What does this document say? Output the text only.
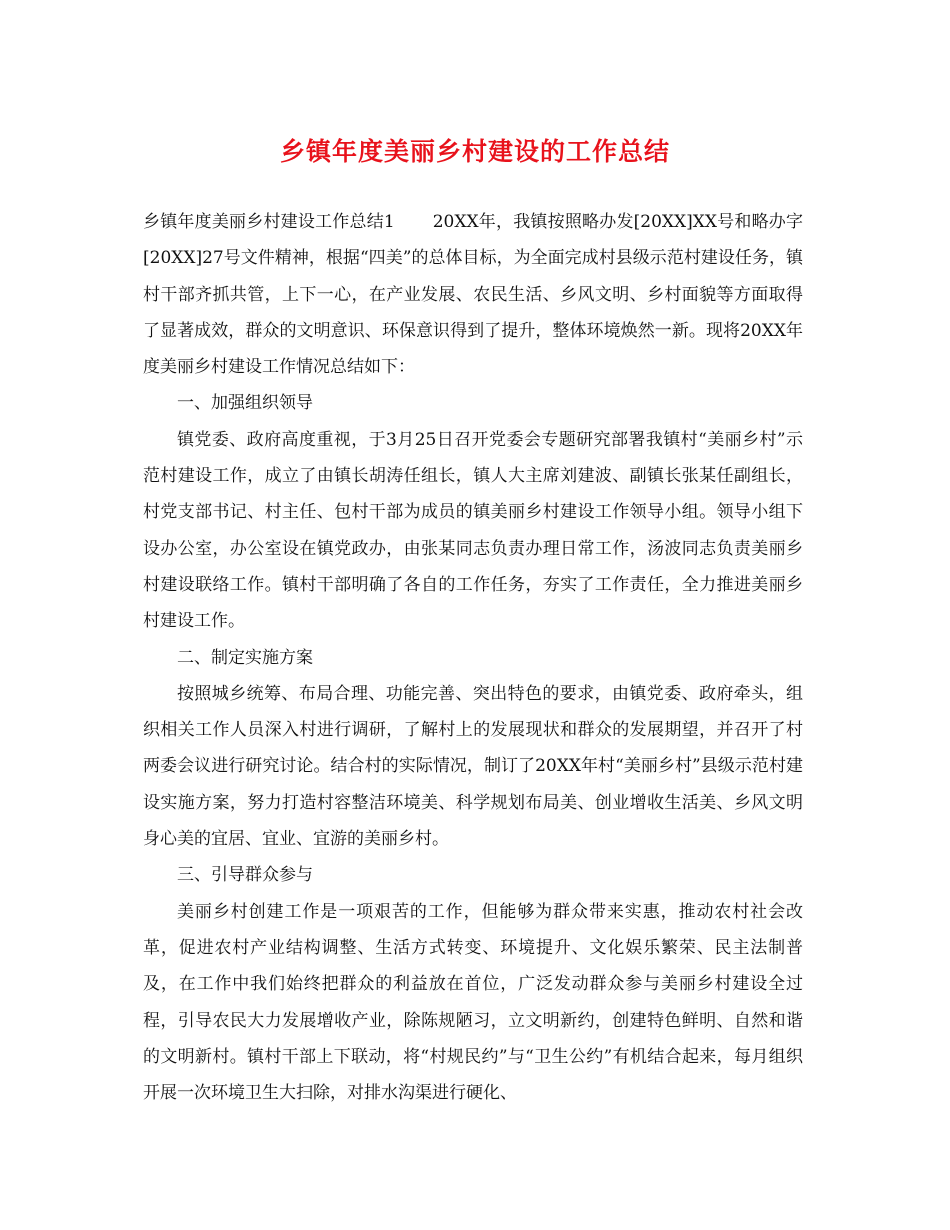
乡镇年度美丽乡村建设的工作总结

乡镇年度美丽乡村建设工作总结1 20XX年，我镇按照略办发[20XX]XX号和略办字[20XX]27号文件精神，根据“四美”的总体目标，为全面完成村县级示范村建设任务，镇村干部齐抓共管，上下一心，在产业发展、农民生活、乡风文明、乡村面貌等方面取得了显著成效，群众的文明意识、环保意识得到了提升，整体环境焕然一新。现将20XX年度美丽乡村建设工作情况总结如下：

一、加强组织领导

镇党委、政府高度重视，于3月25日召开党委会专题研究部署我镇村“美丽乡村”示范村建设工作，成立了由镇长胡涛任组长，镇人大主席刘建波、副镇长张某任副组长，村党支部书记、村主任、包村干部为成员的镇美丽乡村建设工作领导小组。领导小组下设办公室，办公室设在镇党政办，由张某同志负责办理日常工作，汤波同志负责美丽乡村建设联络工作。镇村干部明确了各自的工作任务，夯实了工作责任，全力推进美丽乡村建设工作。

二、制定实施方案

按照城乡统筹、布局合理、功能完善、突出特色的要求，由镇党委、政府牵头，组织相关工作人员深入村进行调研，了解村上的发展现状和群众的发展期望，并召开了村两委会议进行研究讨论。结合村的实际情况，制订了20XX年村“美丽乡村”县级示范村建设实施方案，努力打造村容整洁环境美、科学规划布局美、创业增收生活美、乡风文明身心美的宜居、宜业、宜游的美丽乡村。

三、引导群众参与

美丽乡村创建工作是一项艰苦的工作，但能够为群众带来实惠，推动农村社会改革，促进农村产业结构调整、生活方式转变、环境提升、文化娱乐繁荣、民主法制普及，在工作中我们始终把群众的利益放在首位，广泛发动群众参与美丽乡村建设全过程，引导农民大力发展增收产业，除陈规陋习，立文明新约，创建特色鲜明、自然和谐的文明新村。镇村干部上下联动，将“村规民约”与“卫生公约”有机结合起来，每月组织开展一次环境卫生大扫除，对排水沟渠进行硬化、
